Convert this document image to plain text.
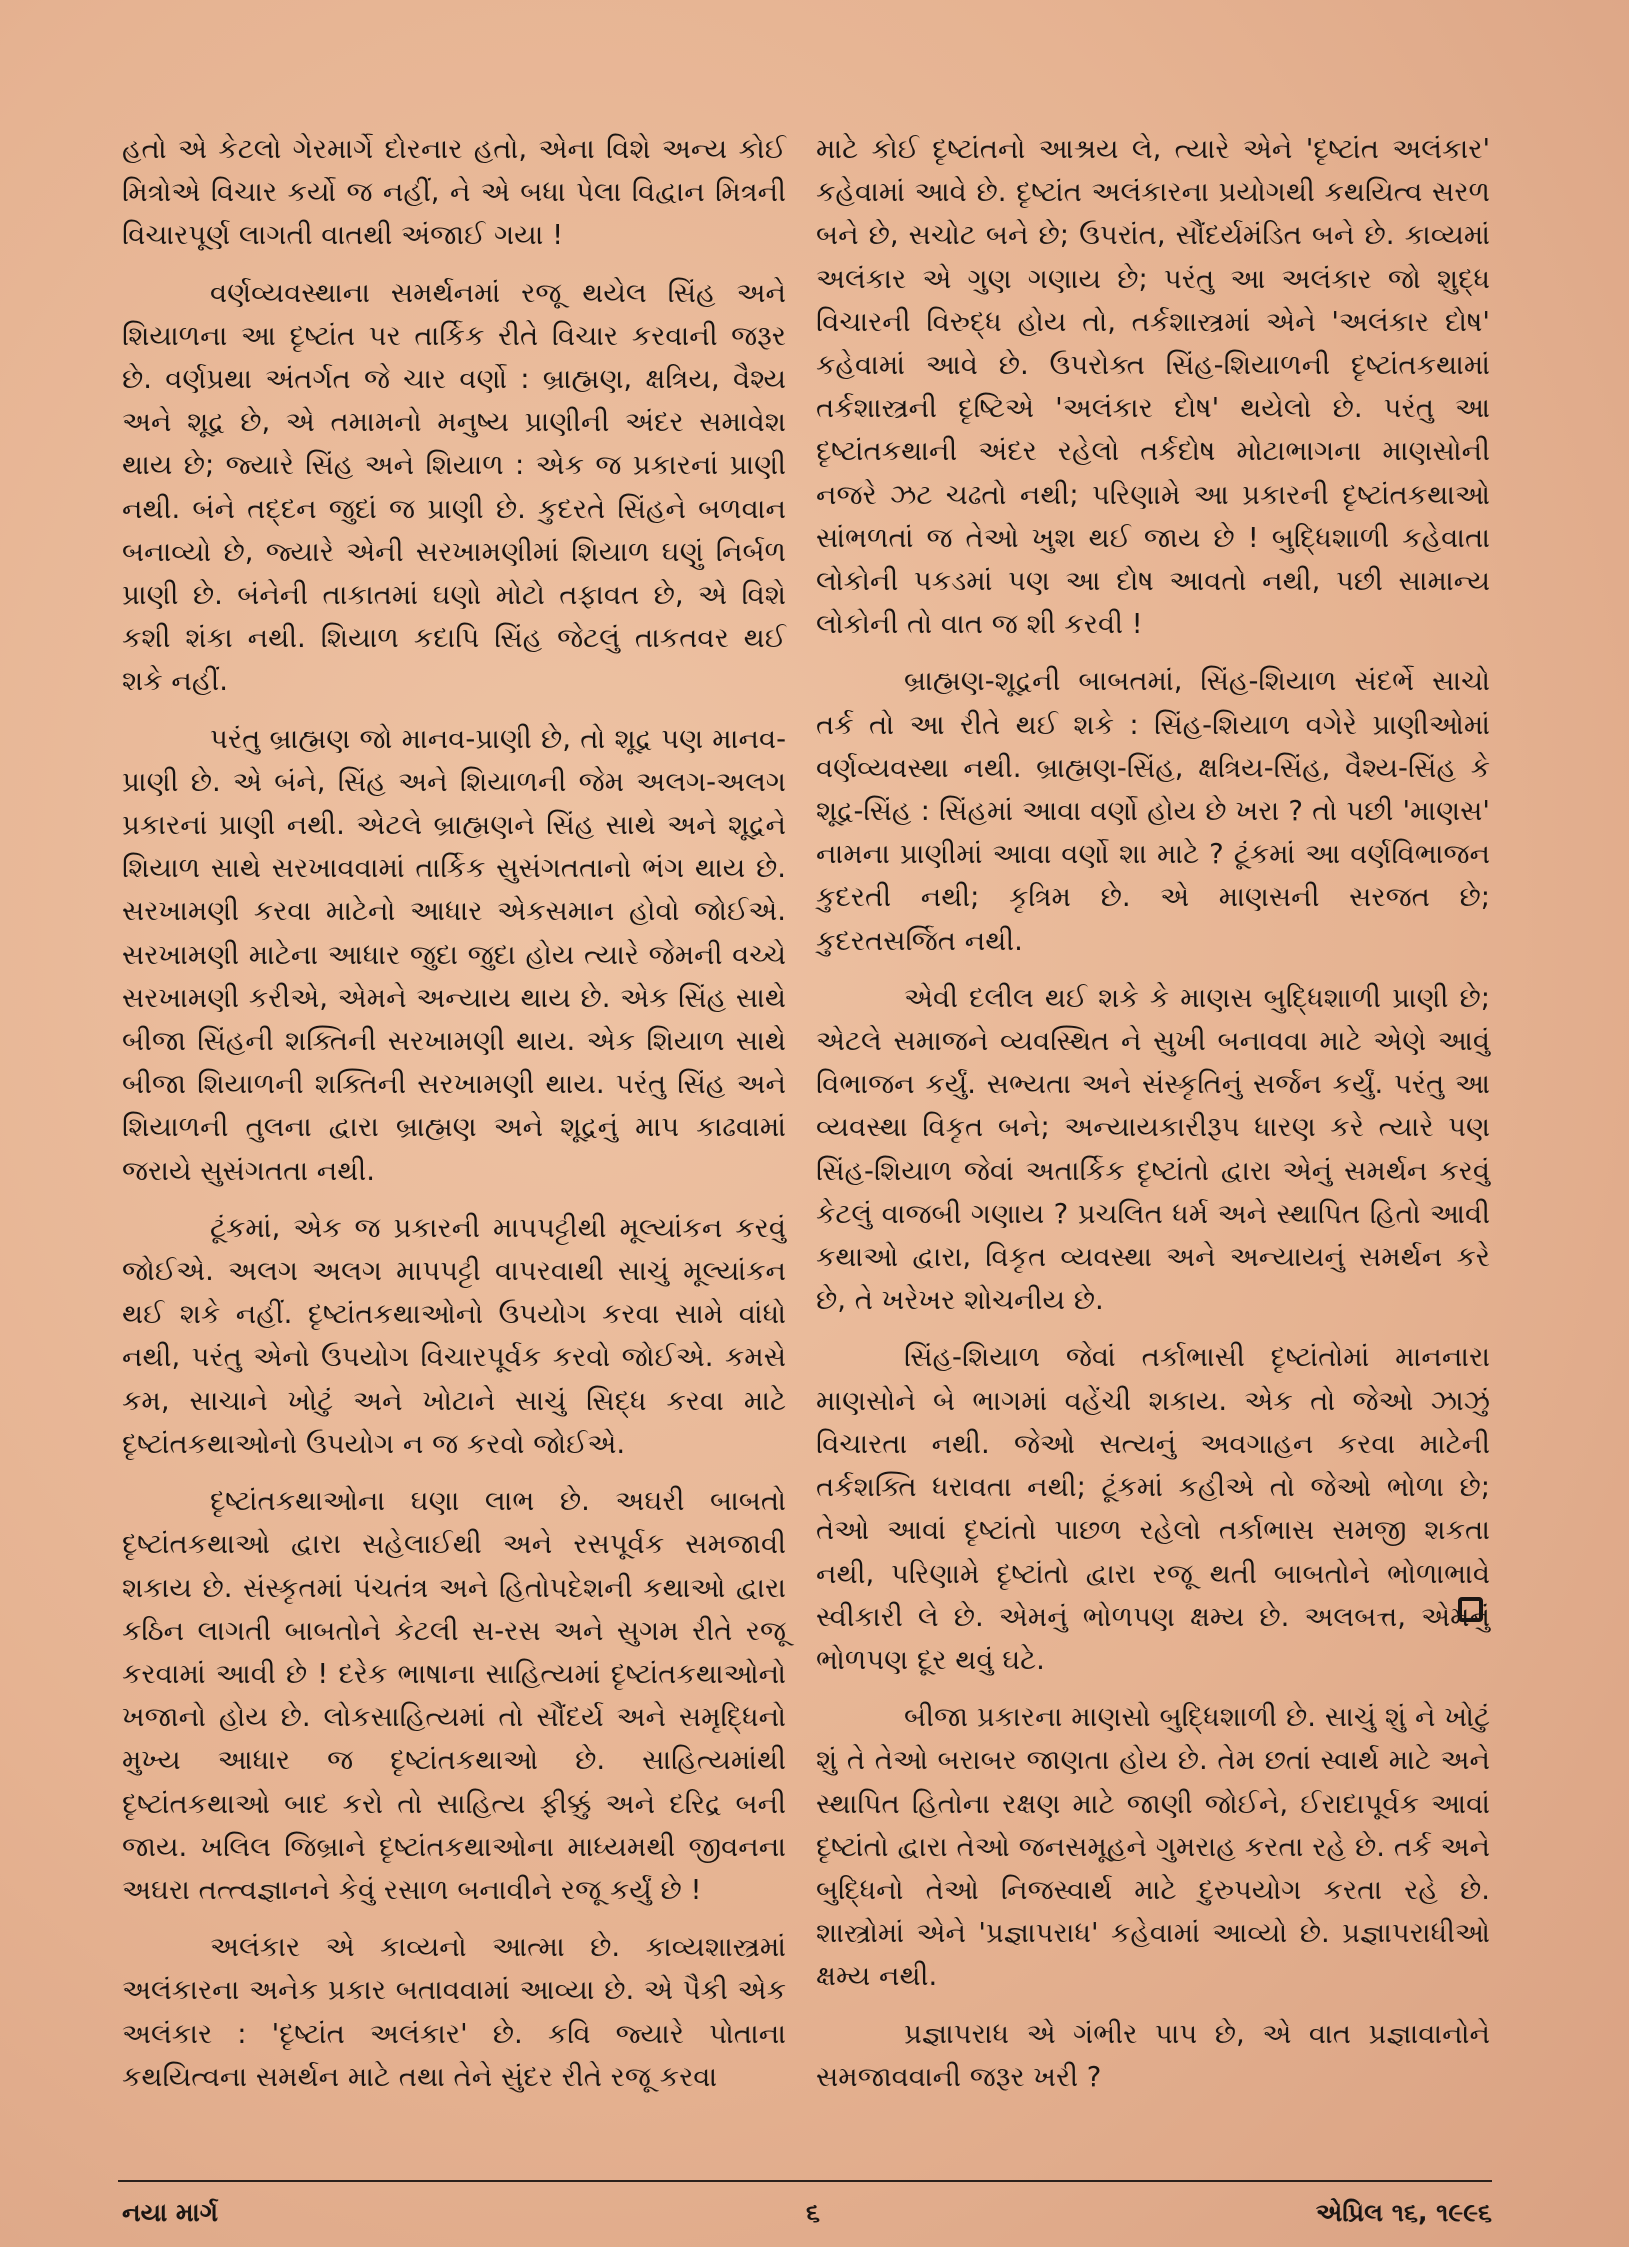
હતો એ કેટલો ગેરમાર્ગે દોરનાર હતો, એના વિશે અન્ય કોઈ મિત્રોએ વિચાર કર્યો જ નહીં, ને એ બધા પેલા વિદ્વાન મિત્રની વિચારપૂર્ણ લાગતી વાતથી અંજાઈ ગયા !

વર્ણવ્યવસ્થાના સમર્થનમાં રજૂ થયેલ સિંહ અને શિયાળના આ દૃષ્ટાંત પર તાર્કિક રીતે વિચાર કરવાની જરૂર છે. વર્ણપ્રથા અંતર્ગત જે ચાર વર્ણો : બ્રાહ્મણ, ક્ષત્રિય, વૈશ્ય અને શૂદ્ર છે, એ તમામનો મનુષ્ય પ્રાણીની અંદર સમાવેશ થાય છે; જ્યારે સિંહ અને શિયાળ : એક જ પ્રકારનાં પ્રાણી નથી. બંને તદ્દન જુદાં જ પ્રાણી છે. કુદરતે સિંહને બળવાન બનાવ્યો છે, જ્યારે એની સરખામણીમાં શિયાળ ઘણું નિર્બળ પ્રાણી છે. બંનેની તાકાતમાં ઘણો મોટો તફાવત છે, એ વિશે કશી શંકા નથી. શિયાળ કદાપિ સિંહ જેટલું તાકતવર થઈ શકે નહીં.

પરંતુ બ્રાહ્મણ જો માનવ-પ્રાણી છે, તો શૂદ્ર પણ માનવ-પ્રાણી છે. એ બંને, સિંહ અને શિયાળની જેમ અલગ-અલગ પ્રકારનાં પ્રાણી નથી. એટલે બ્રાહ્મણને સિંહ સાથે અને શૂદ્રને શિયાળ સાથે સરખાવવામાં તાર્કિક સુસંગતતાનો ભંગ થાય છે. સરખામણી કરવા માટેનો આધાર એકસમાન હોવો જોઈએ. સરખામણી માટેના આધાર જુદા જુદા હોય ત્યારે જેમની વચ્ચે સરખામણી કરીએ, એમને અન્યાય થાય છે. એક સિંહ સાથે બીજા સિંહની શક્તિની સરખામણી થાય. એક શિયાળ સાથે બીજા શિયાળની શક્તિની સરખામણી થાય. પરંતુ સિંહ અને શિયાળની તુલના દ્વારા બ્રાહ્મણ અને શૂદ્રનું માપ કાઢવામાં જરાયે સુસંગતતા નથી.

ટૂંકમાં, એક જ પ્રકારની માપપટ્ટીથી મૂલ્યાંકન કરવું જોઈએ. અલગ અલગ માપપટ્ટી વાપરવાથી સાચું મૂલ્યાંકન થઈ શકે નહીં. દૃષ્ટાંતકથાઓનો ઉપયોગ કરવા સામે વાંધો નથી, પરંતુ એનો ઉપયોગ વિચારપૂર્વક કરવો જોઈએ. કમસે કમ, સાચાને ખોટું અને ખોટાને સાચું સિદ્ધ કરવા માટે દૃષ્ટાંતકથાઓનો ઉપયોગ ન જ કરવો જોઈએ.

દૃષ્ટાંતકથાઓના ઘણા લાભ છે. અઘરી બાબતો દૃષ્ટાંતકથાઓ દ્વારા સહેલાઈથી અને રસપૂર્વક સમજાવી શકાય છે. સંસ્કૃતમાં પંચતંત્ર અને હિતોપદેશની કથાઓ દ્વારા કઠિન લાગતી બાબતોને કેટલી સ-રસ અને સુગમ રીતે રજૂ કરવામાં આવી છે ! દરેક ભાષાના સાહિત્યમાં દૃષ્ટાંતકથાઓનો ખજાનો હોય છે. લોકસાહિત્યમાં તો સૌંદર્ય અને સમૃદ્ધિનો મુખ્ય આધાર જ દૃષ્ટાંતકથાઓ છે. સાહિત્યમાંથી દૃષ્ટાંતકથાઓ બાદ કરો તો સાહિત્ય ફીક્કું અને દરિદ્ર બની જાય. ખલિલ જિબ્રાને દૃષ્ટાંતકથાઓના માધ્યમથી જીવનના અઘરા તત્ત્વજ્ઞાનને કેવું રસાળ બનાવીને રજૂ કર્યું છે !

અલંકાર એ કાવ્યનો આત્મા છે. કાવ્યશાસ્ત્રમાં અલંકારના અનેક પ્રકાર બતાવવામાં આવ્યા છે. એ પૈકી એક અલંકાર : 'દૃષ્ટાંત અલંકાર' છે. કવિ જ્યારે પોતાના કથયિત્વના સમર્થન માટે તથા તેને સુંદર રીતે રજૂ કરવા

માટે કોઈ દૃષ્ટાંતનો આશ્રય લે, ત્યારે એને 'દૃષ્ટાંત અલંકાર' કહેવામાં આવે છે. દૃષ્ટાંત અલંકારના પ્રયોગથી કથયિત્વ સરળ બને છે, સચોટ બને છે; ઉપરાંત, સૌંદર્યમંડિત બને છે. કાવ્યમાં અલંકાર એ ગુણ ગણાય છે; પરંતુ આ અલંકાર જો શુદ્ધ વિચારની વિરુદ્ધ હોય તો, તર્કશાસ્ત્રમાં એને 'અલંકાર દોષ' કહેવામાં આવે છે. ઉપરોક્ત સિંહ-શિયાળની દૃષ્ટાંતકથામાં તર્કશાસ્ત્રની દૃષ્ટિએ 'અલંકાર દોષ' થયેલો છે. પરંતુ આ દૃષ્ટાંતકથાની અંદર રહેલો તર્કદોષ મોટાભાગના માણસોની નજરે ઝટ ચઢતો નથી; પરિણામે આ પ્રકારની દૃષ્ટાંતકથાઓ સાંભળતાં જ તેઓ ખુશ થઈ જાય છે ! બુદ્ધિશાળી કહેવાતા લોકોની પકડમાં પણ આ દોષ આવતો નથી, પછી સામાન્ય લોકોની તો વાત જ શી કરવી !

બ્રાહ્મણ-શૂદ્રની બાબતમાં, સિંહ-શિયાળ સંદર્ભે સાચો તર્ક તો આ રીતે થઈ શકે : સિંહ-શિયાળ વગેરે પ્રાણીઓમાં વર્ણવ્યવસ્થા નથી. બ્રાહ્મણ-સિંહ, ક્ષત્રિય-સિંહ, વૈશ્ય-સિંહ કે શૂદ્ર-સિંહ : સિંહમાં આવા વર્ણો હોય છે ખરા ? તો પછી 'માણસ' નામના પ્રાણીમાં આવા વર્ણો શા માટે ? ટૂંકમાં આ વર્ણવિભાજન કુદરતી નથી; કૃત્રિમ છે. એ માણસની સરજત છે; કુદરતસર્જિત નથી.

એવી દલીલ થઈ શકે કે માણસ બુદ્ધિશાળી પ્રાણી છે; એટલે સમાજને વ્યવસ્થિત ને સુખી બનાવવા માટે એણે આવું વિભાજન કર્યું. સભ્યતા અને સંસ્કૃતિનું સર્જન કર્યું. પરંતુ આ વ્યવસ્થા વિકૃત બને; અન્યાયકારીરૂપ ધારણ કરે ત્યારે પણ સિંહ-શિયાળ જેવાં અતાર્કિક દૃષ્ટાંતો દ્વારા એનું સમર્થન કરવું કેટલું વાજબી ગણાય ? પ્રચલિત ધર્મ અને સ્થાપિત હિતો આવી કથાઓ દ્વારા, વિકૃત વ્યવસ્થા અને અન્યાયનું સમર્થન કરે છે, તે ખરેખર શોચનીય છે.

સિંહ-શિયાળ જેવાં તર્કાભાસી દૃષ્ટાંતોમાં માનનારા માણસોને બે ભાગમાં વહેંચી શકાય. એક તો જેઓ ઝાઝું વિચારતા નથી. જેઓ સત્યનું અવગાહન કરવા માટેની તર્કશક્તિ ધરાવતા નથી; ટૂંકમાં કહીએ તો જેઓ ભોળા છે; તેઓ આવાં દૃષ્ટાંતો પાછળ રહેલો તર્કાભાસ સમજી શકતા નથી, પરિણામે દૃષ્ટાંતો દ્વારા રજૂ થતી બાબતોને ભોળાભાવે સ્વીકારી લે છે. એમનું ભોળપણ ક્ષમ્ય છે. અલબત્ત, એમનું ભોળપણ દૂર થવું ઘટે.

બીજા પ્રકારના માણસો બુદ્ધિશાળી છે. સાચું શું ને ખોટું શું તે તેઓ બરાબર જાણતા હોય છે. તેમ છતાં સ્વાર્થ માટે અને સ્થાપિત હિતોના રક્ષણ માટે જાણી જોઈને, ઈરાદાપૂર્વક આવાં દૃષ્ટાંતો દ્વારા તેઓ જનસમૂહને ગુમરાહ કરતા રહે છે. તર્ક અને બુદ્ધિનો તેઓ નિજસ્વાર્થ માટે દુરુપયોગ કરતા રહે છે. શાસ્ત્રોમાં એને 'પ્રજ્ઞાપરાધ' કહેવામાં આવ્યો છે. પ્રજ્ઞાપરાધીઓ ક્ષમ્ય નથી.

પ્રજ્ઞાપરાધ એ ગંભીર પાપ છે, એ વાત પ્રજ્ઞાવાનોને સમજાવવાની જરૂર ખરી ?

નયા માર્ગ	૬	એપ્રિલ ૧૬, ૧૯૯૬
